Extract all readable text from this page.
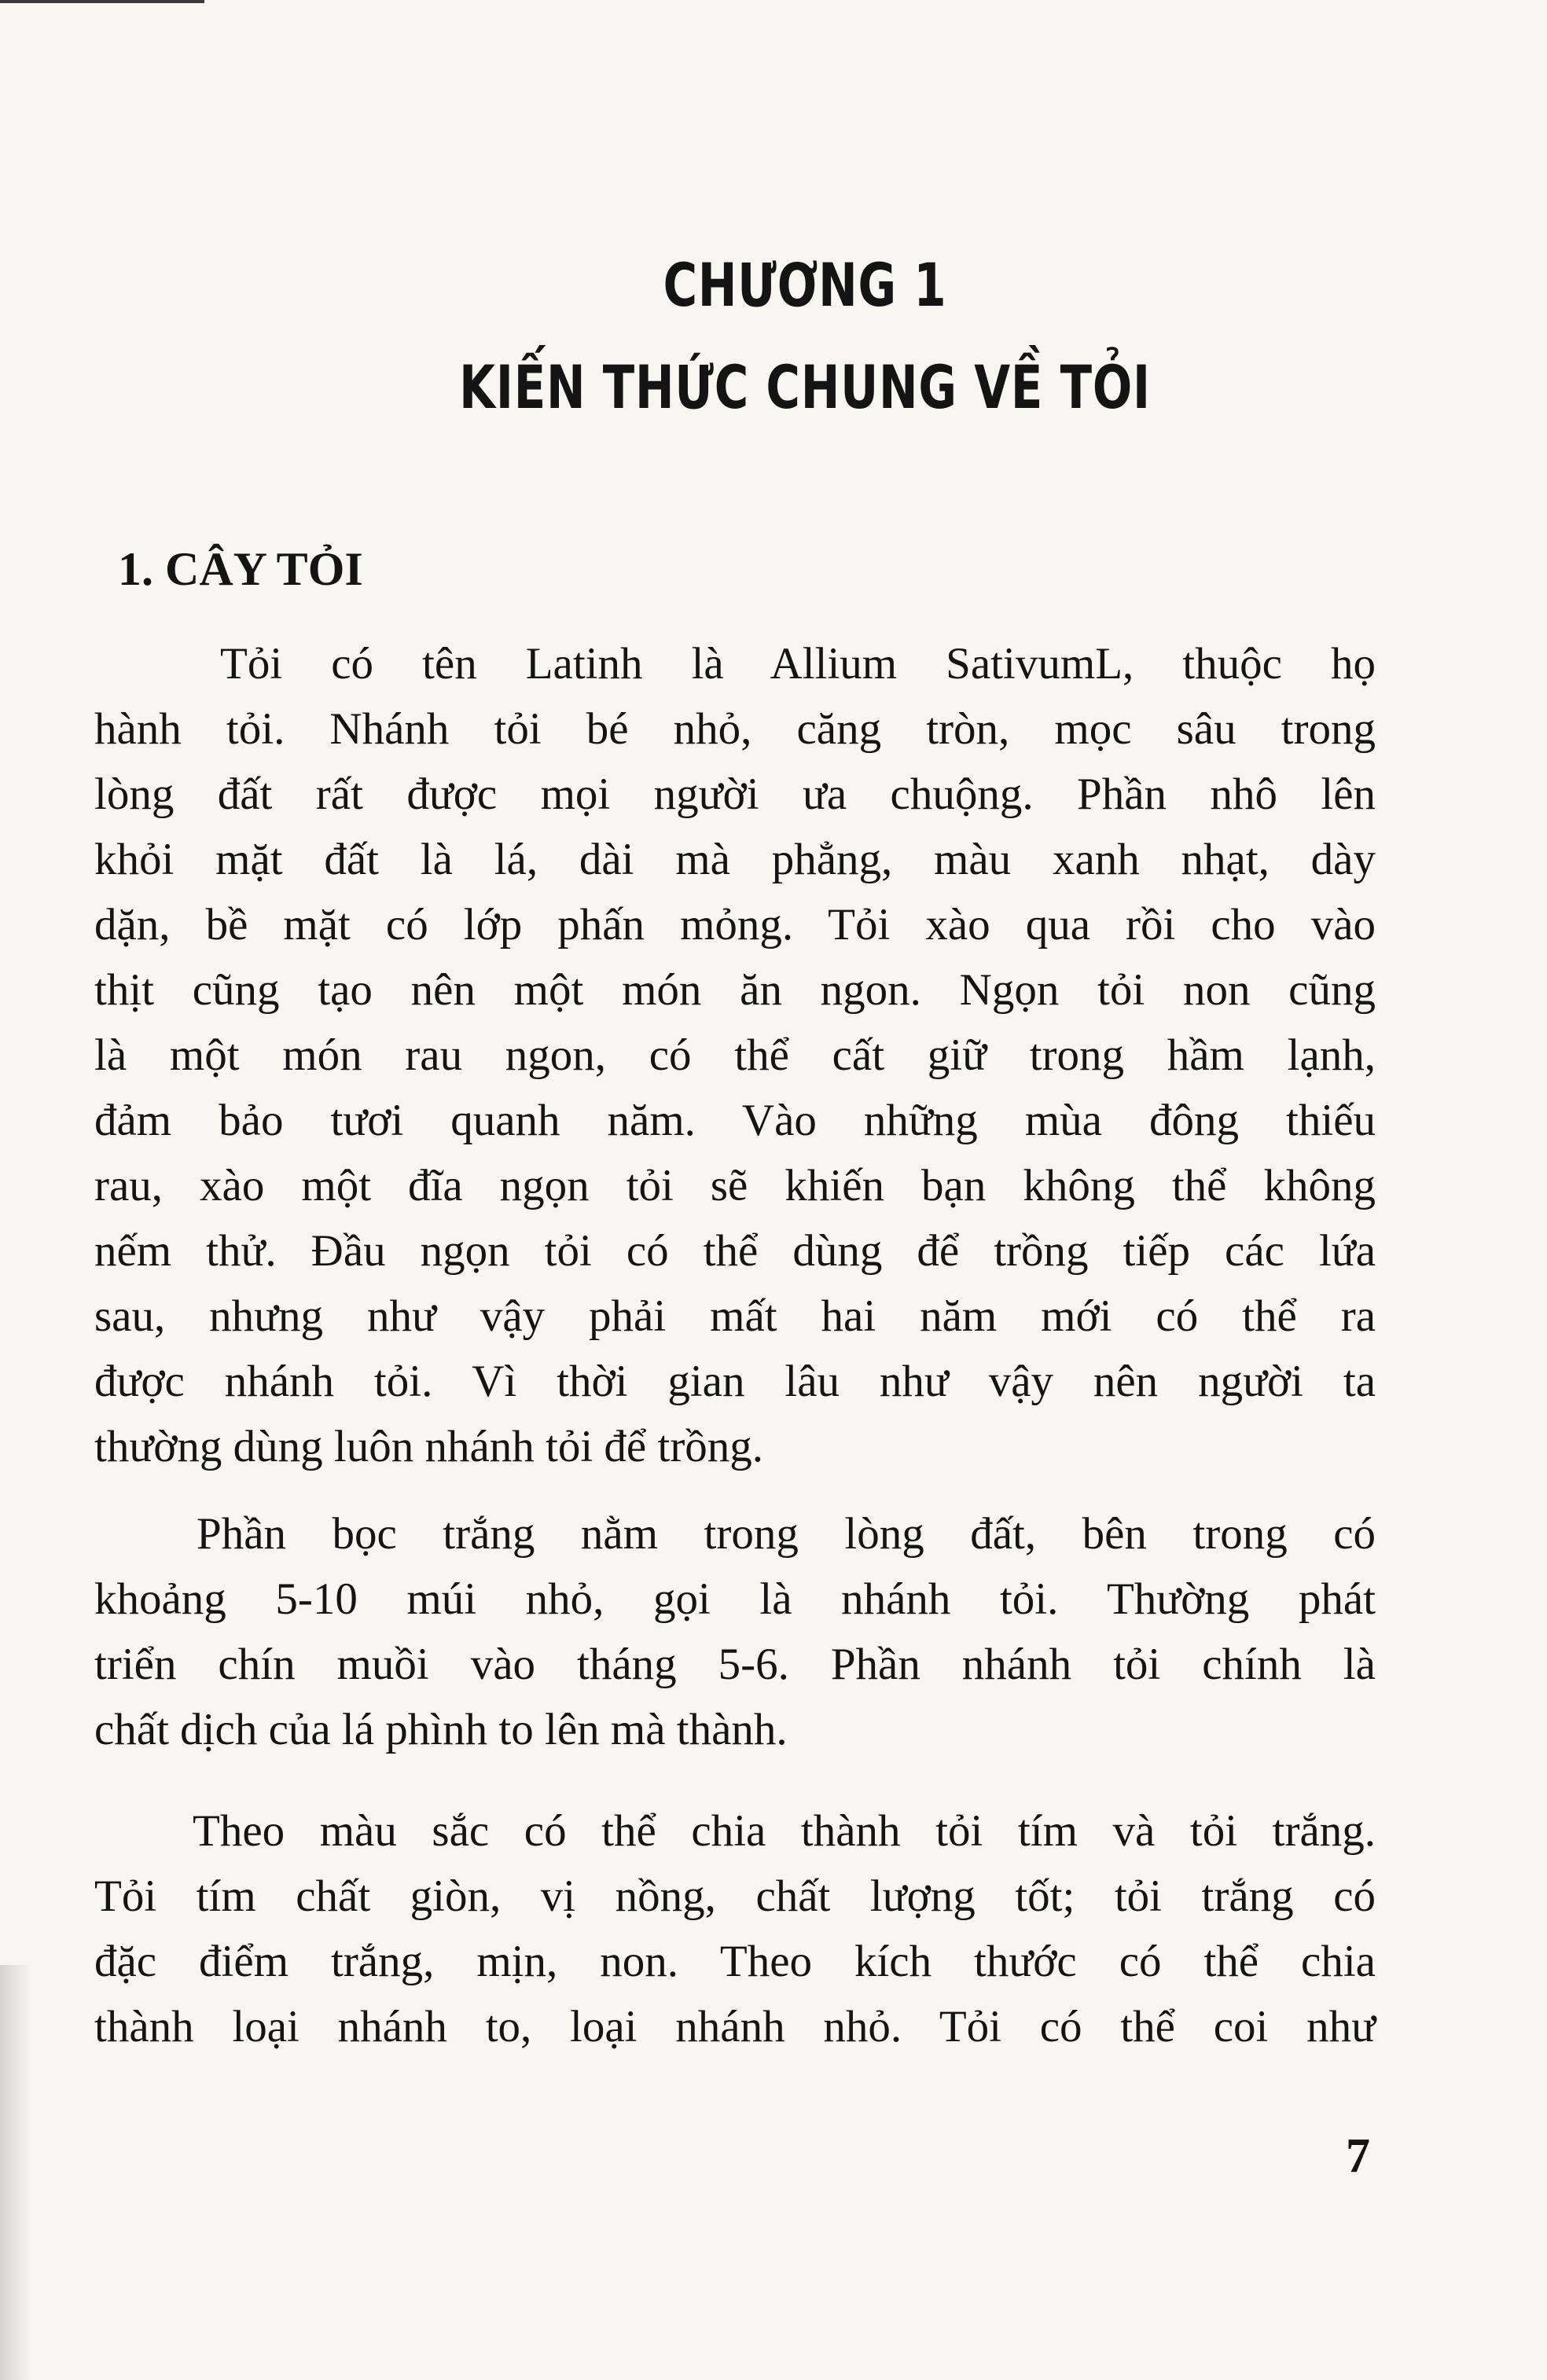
CHƯƠNG 1
KIẾN THỨC CHUNG VỀ TỎI
1. CÂY TỎI
Tỏi có tên Latinh là Allium SativumL, thuộc họ
hành tỏi. Nhánh tỏi bé nhỏ, căng tròn, mọc sâu trong
lòng đất rất được mọi người ưa chuộng. Phần nhô lên
khỏi mặt đất là lá, dài mà phẳng, màu xanh nhạt, dày
dặn, bề mặt có lớp phấn mỏng. Tỏi xào qua rồi cho vào
thịt cũng tạo nên một món ăn ngon. Ngọn tỏi non cũng
là một món rau ngon, có thể cất giữ trong hầm lạnh,
đảm bảo tươi quanh năm. Vào những mùa đông thiếu
rau, xào một đĩa ngọn tỏi sẽ khiến bạn không thể không
nếm thử. Đầu ngọn tỏi có thể dùng để trồng tiếp các lứa
sau, nhưng như vậy phải mất hai năm mới có thể ra
được nhánh tỏi. Vì thời gian lâu như vậy nên người ta
thường dùng luôn nhánh tỏi để trồng.
Phần bọc trắng nằm trong lòng đất, bên trong có
khoảng 5-10 múi nhỏ, gọi là nhánh tỏi. Thường phát
triển chín muồi vào tháng 5-6. Phần nhánh tỏi chính là
chất dịch của lá phình to lên mà thành.
Theo màu sắc có thể chia thành tỏi tím và tỏi trắng.
Tỏi tím chất giòn, vị nồng, chất lượng tốt; tỏi trắng có
đặc điểm trắng, mịn, non. Theo kích thước có thể chia
thành loại nhánh to, loại nhánh nhỏ. Tỏi có thể coi như

7
